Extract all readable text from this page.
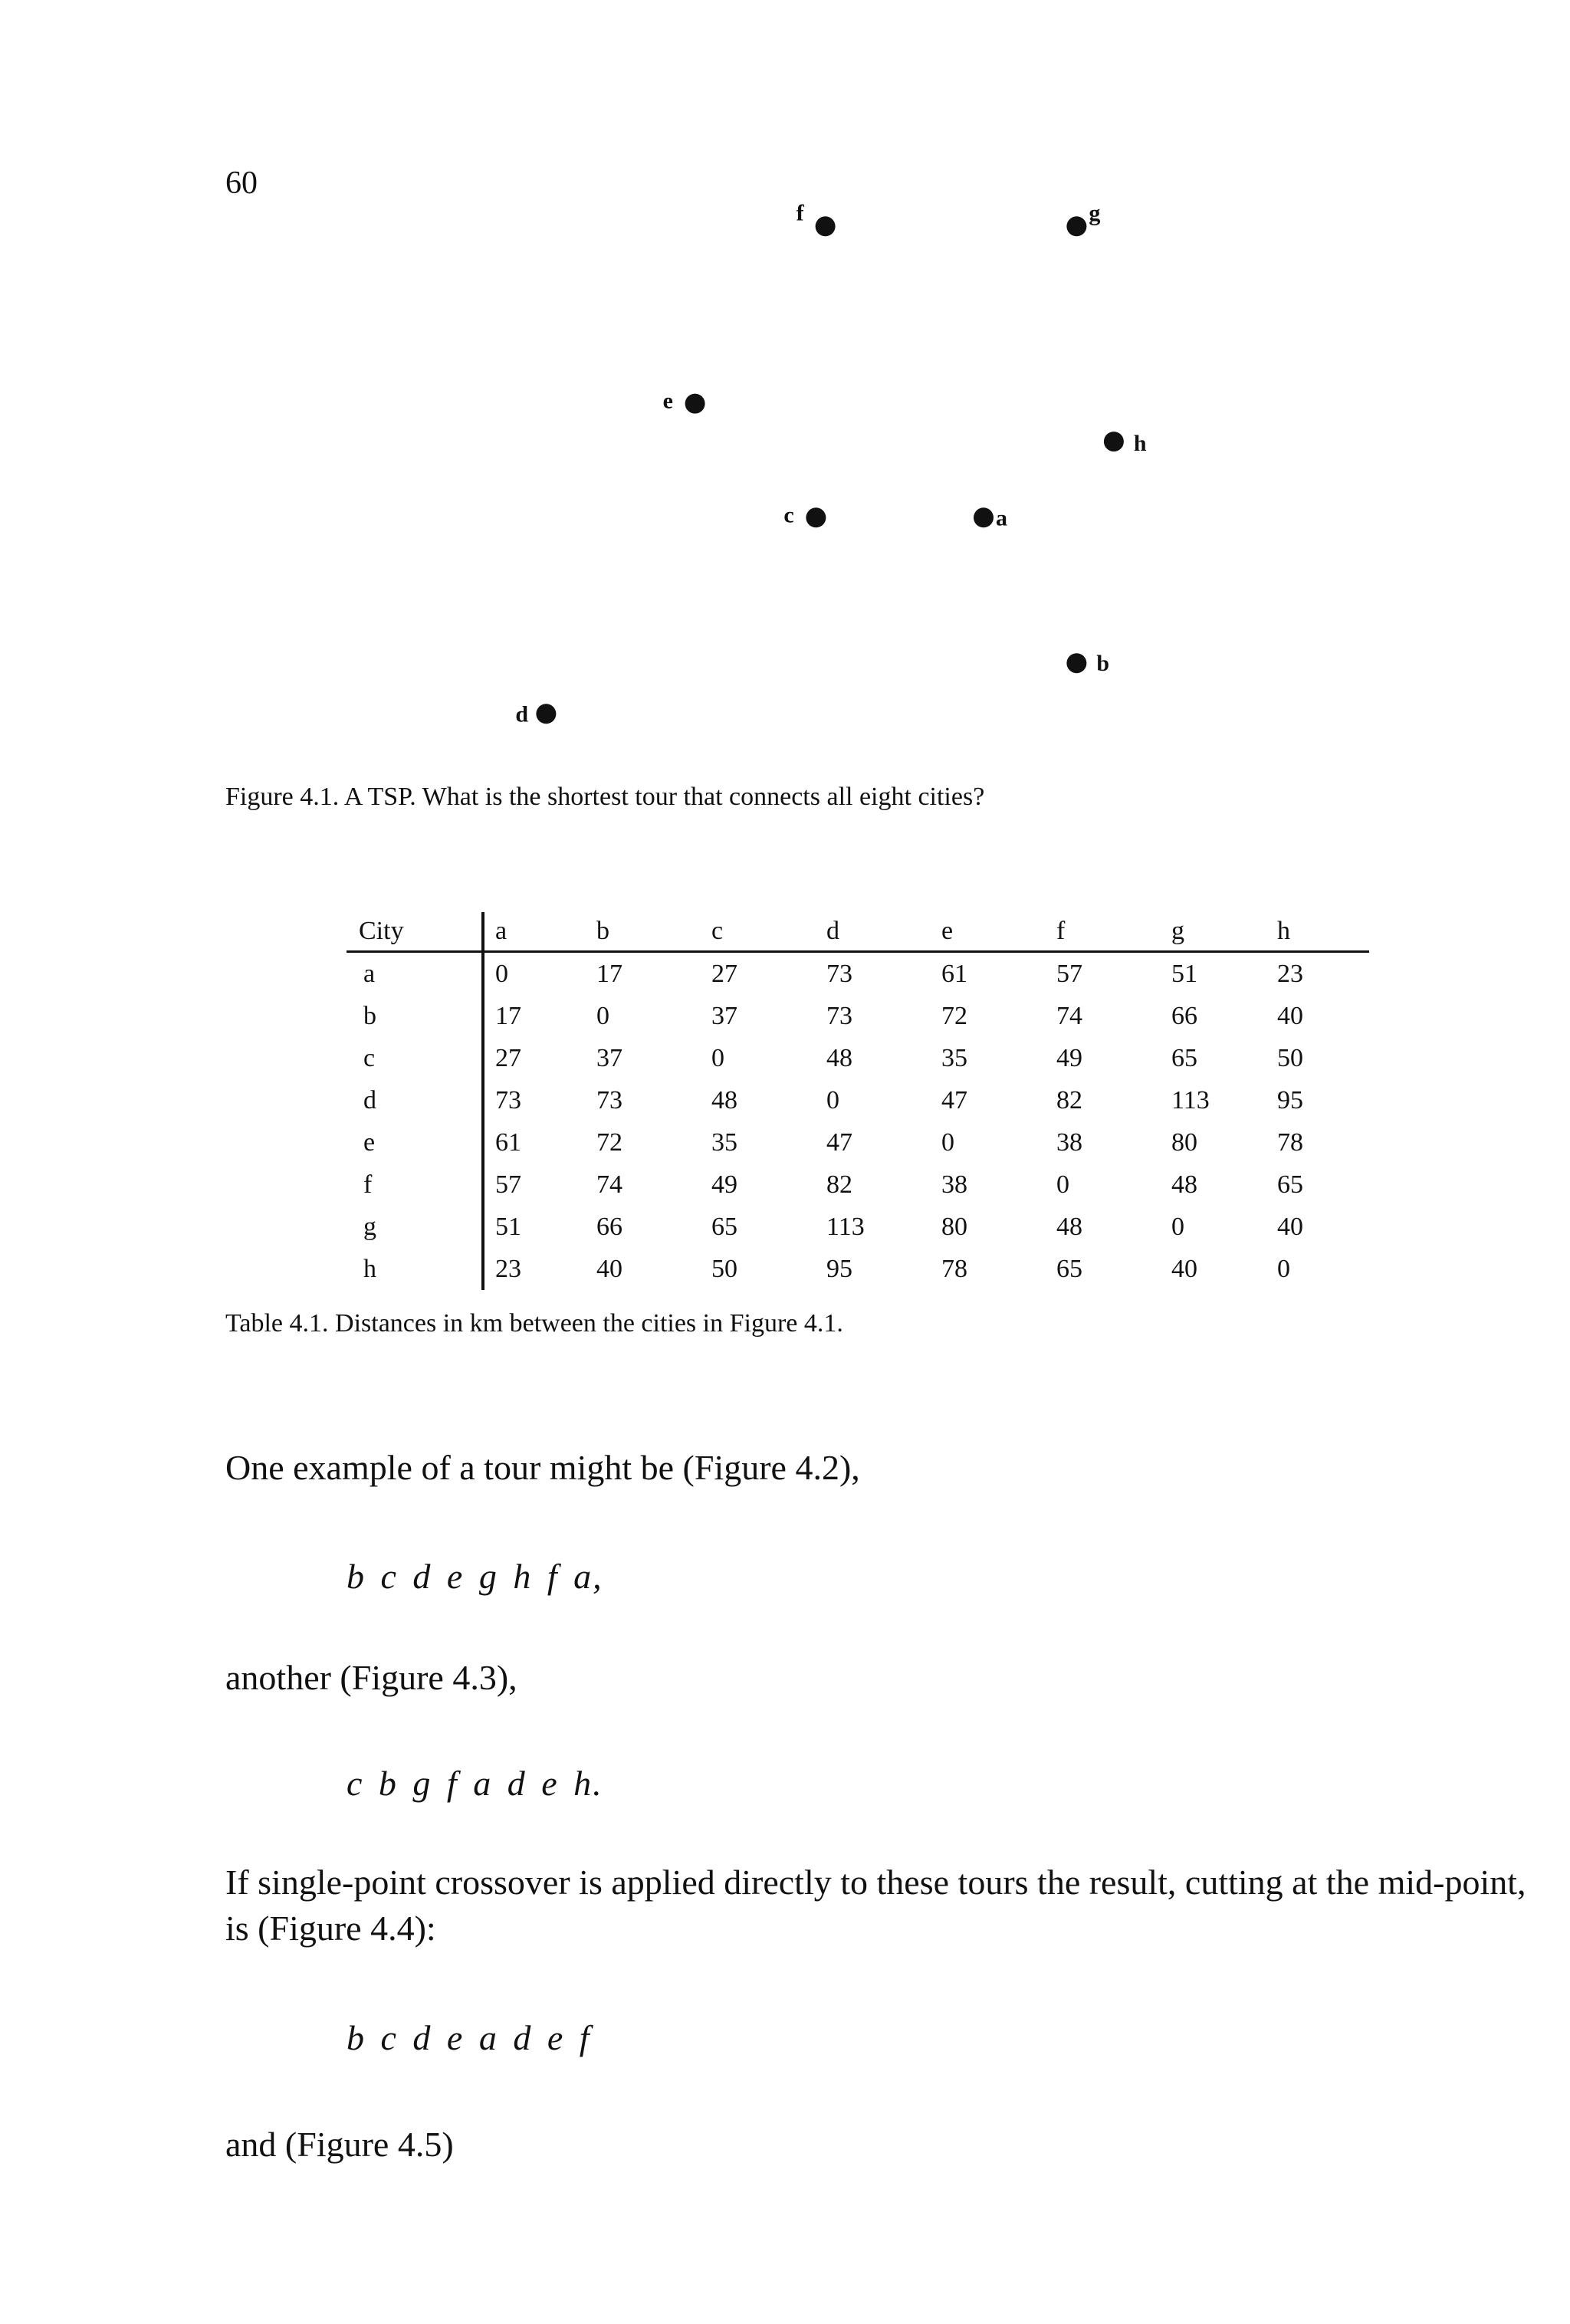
60
f	g
e
h
c	a
b
d
Figure 4.1. A TSP. What is the shortest tour that connects all eight cities?
City	a	b	c	d	e	f	g	h
a	0	17	27	73	61	57	51	23
b	17	0	37	73	72	74	66	40
c	27	37	0	48	35	49	65	50
d	73	73	48	0	47	82	113	95
e	61	72	35	47	0	38	80	78
f	57	74	49	82	38	0	48	65
g	51	66	65	113	80	48	0	40
h	23	40	50	95	78	65	40	0
Table 4.1. Distances in km between the cities in Figure 4.1.
One example of a tour might be (Figure 4.2),
b c d e g h f a,
another (Figure 4.3),
c b g f a d e h.
If single-point crossover is applied directly to these tours the result, cutting at the mid-point, is (Figure 4.4):
b c d e a d e f
and (Figure 4.5)
